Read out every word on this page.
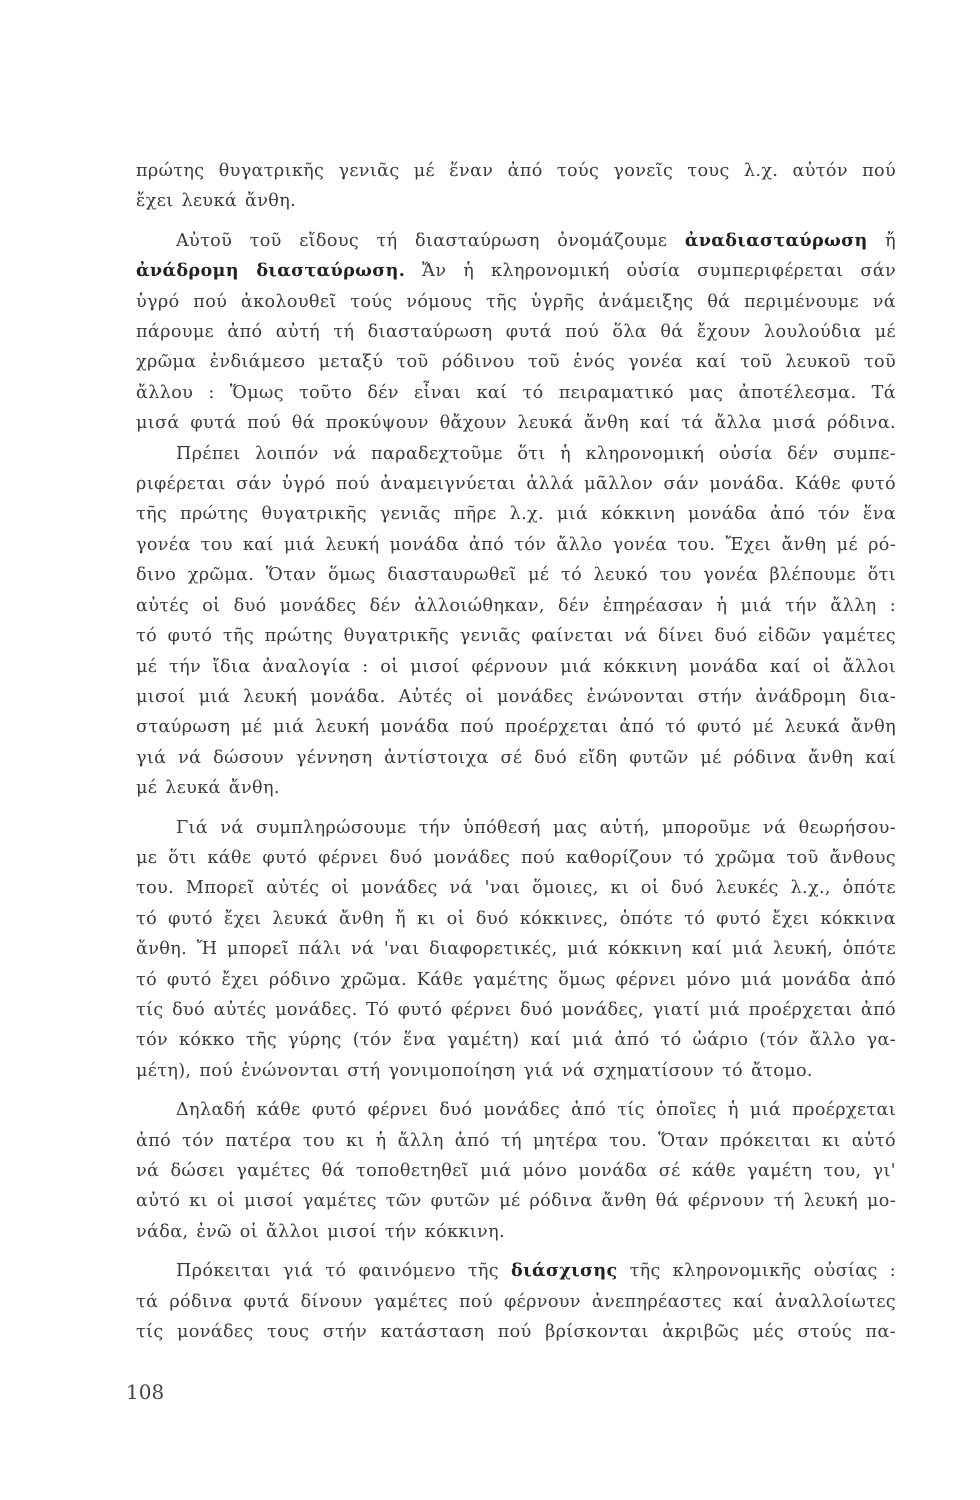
πρώτης θυγατρικῆς γενιᾶς μέ ἕναν ἀπό τούς γονεῖς τους λ.χ. αὐτόν πού
ἔχει λευκά ἄνθη.

Αὐτοῦ τοῦ εἴδους τή διασταύρωση ὀνομάζουμε ἀναδιασταύρωση ἤ
ἀνάδρομη διασταύρωση. Ἄν ἡ κληρονομική οὐσία συμπεριφέρεται σάν
ὑγρό πού ἀκολουθεῖ τούς νόμους τῆς ὑγρῆς ἀνάμειξης θά περιμένουμε νά
πάρουμε ἀπό αὐτή τή διασταύρωση φυτά πού ὅλα θά ἔχουν λουλούδια μέ
χρῶμα ἐνδιάμεσο μεταξύ τοῦ ρόδινου τοῦ ἑνός γονέα καί τοῦ λευκοῦ τοῦ
ἄλλου : Ὅμως τοῦτο δέν εἶναι καί τό πειραματικό μας ἀποτέλεσμα. Τά
μισά φυτά πού θά προκύψουν θἄχουν λευκά ἄνθη καί τά ἄλλα μισά ρόδινα.

Πρέπει λοιπόν νά παραδεχτοῦμε ὅτι ἡ κληρονομική οὐσία δέν συμπε-
ριφέρεται σάν ὑγρό πού ἀναμειγνύεται ἀλλά μᾶλλον σάν μονάδα. Κάθε φυτό
τῆς πρώτης θυγατρικῆς γενιᾶς πῆρε λ.χ. μιά κόκκινη μονάδα ἀπό τόν ἕνα
γονέα του καί μιά λευκή μονάδα ἀπό τόν ἄλλο γονέα του. Ἔχει ἄνθη μέ ρό-
δινο χρῶμα. Ὅταν ὅμως διασταυρωθεῖ μέ τό λευκό του γονέα βλέπουμε ὅτι
αὐτές οἱ δυό μονάδες δέν ἀλλοιώθηκαν, δέν ἐπηρέασαν ἡ μιά τήν ἄλλη :
τό φυτό τῆς πρώτης θυγατρικῆς γενιᾶς φαίνεται νά δίνει δυό εἰδῶν γαμέτες
μέ τήν ἴδια ἀναλογία : οἱ μισοί φέρνουν μιά κόκκινη μονάδα καί οἱ ἄλλοι
μισοί μιά λευκή μονάδα. Αὐτές οἱ μονάδες ἑνώνονται στήν ἀνάδρομη δια-
σταύρωση μέ μιά λευκή μονάδα πού προέρχεται ἀπό τό φυτό μέ λευκά ἄνθη
γιά νά δώσουν γέννηση ἀντίστοιχα σέ δυό εἴδη φυτῶν μέ ρόδινα ἄνθη καί
μέ λευκά ἄνθη.

Γιά νά συμπληρώσουμε τήν ὑπόθεσή μας αὐτή, μποροῦμε νά θεωρήσου-
με ὅτι κάθε φυτό φέρνει δυό μονάδες πού καθορίζουν τό χρῶμα τοῦ ἄνθους
του. Μπορεῖ αὐτές οἱ μονάδες νά 'ναι ὅμοιες, κι οἱ δυό λευκές λ.χ., ὁπότε
τό φυτό ἔχει λευκά ἄνθη ἤ κι οἱ δυό κόκκινες, ὁπότε τό φυτό ἔχει κόκκινα
ἄνθη. Ἤ μπορεῖ πάλι νά 'ναι διαφορετικές, μιά κόκκινη καί μιά λευκή, ὁπότε
τό φυτό ἔχει ρόδινο χρῶμα. Κάθε γαμέτης ὅμως φέρνει μόνο μιά μονάδα ἀπό
τίς δυό αὐτές μονάδες. Τό φυτό φέρνει δυό μονάδες, γιατί μιά προέρχεται ἀπό
τόν κόκκο τῆς γύρης (τόν ἕνα γαμέτη) καί μιά ἀπό τό ὠάριο (τόν ἄλλο γα-
μέτη), πού ἑνώνονται στή γονιμοποίηση γιά νά σχηματίσουν τό ἄτομο.

Δηλαδή κάθε φυτό φέρνει δυό μονάδες ἀπό τίς ὁποῖες ἡ μιά προέρχεται
ἀπό τόν πατέρα του κι ἡ ἄλλη ἀπό τή μητέρα του. Ὅταν πρόκειται κι αὐτό
νά δώσει γαμέτες θά τοποθετηθεῖ μιά μόνο μονάδα σέ κάθε γαμέτη του, γι'
αὐτό κι οἱ μισοί γαμέτες τῶν φυτῶν μέ ρόδινα ἄνθη θά φέρνουν τή λευκή μο-
νάδα, ἐνῶ οἱ ἄλλοι μισοί τήν κόκκινη.

Πρόκειται γιά τό φαινόμενο τῆς διάσχισης τῆς κληρονομικῆς οὐσίας :
τά ρόδινα φυτά δίνουν γαμέτες πού φέρνουν ἀνεπηρέαστες καί ἀναλλοίωτες
τίς μονάδες τους στήν κατάσταση πού βρίσκονται ἀκριβῶς μές στούς πα-

108
